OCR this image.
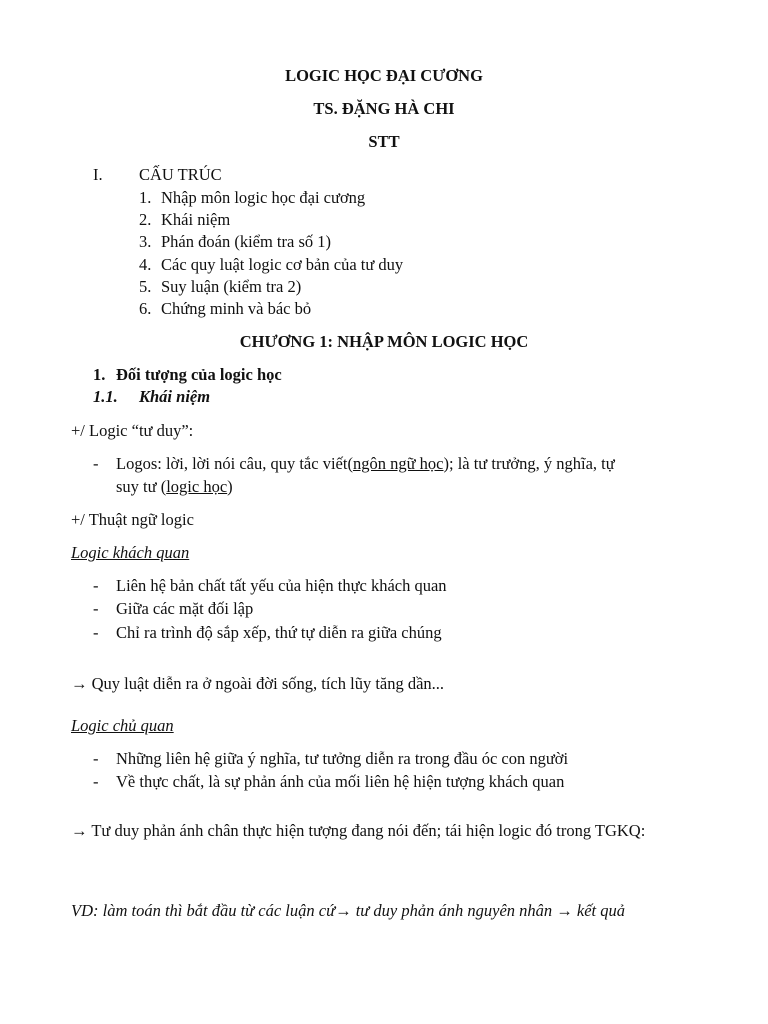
LOGIC HỌC ĐẠI CƯƠNG
TS. ĐẶNG HÀ CHI
STT
I. CẤU TRÚC
1. Nhập môn logic học đại cương
2. Khái niệm
3. Phán đoán (kiểm tra số 1)
4. Các quy luật logic cơ bản của tư duy
5. Suy luận (kiểm tra 2)
6. Chứng minh và bác bỏ
CHƯƠNG 1: NHẬP MÔN LOGIC HỌC
1. Đối tượng của logic học
1.1. Khái niệm
+/ Logic “tư duy”:
- Logos: lời, lời nói câu, quy tắc viết(ngôn ngữ học); là tư trưởng, ý nghĩa, tự
suy tư (logic học)
+/ Thuật ngữ logic
Logic khách quan
- Liên hệ bản chất tất yếu của hiện thực khách quan
- Giữa các mặt đối lập
- Chỉ ra trình độ sắp xếp, thứ tự diễn ra giữa chúng
→ Quy luật diễn ra ở ngoài đời sống, tích lũy tăng dần...
Logic chủ quan
- Những liên hệ giữa ý nghĩa, tư tưởng diễn ra trong đầu óc con người
- Về thực chất, là sự phản ánh của mối liên hệ hiện tượng khách quan
→ Tư duy phản ánh chân thực hiện tượng đang nói đến; tái hiện logic đó trong TGKQ:
VD: làm toán thì bắt đầu từ các luận cứ→ tư duy phản ánh nguyên nhân → kết quả
